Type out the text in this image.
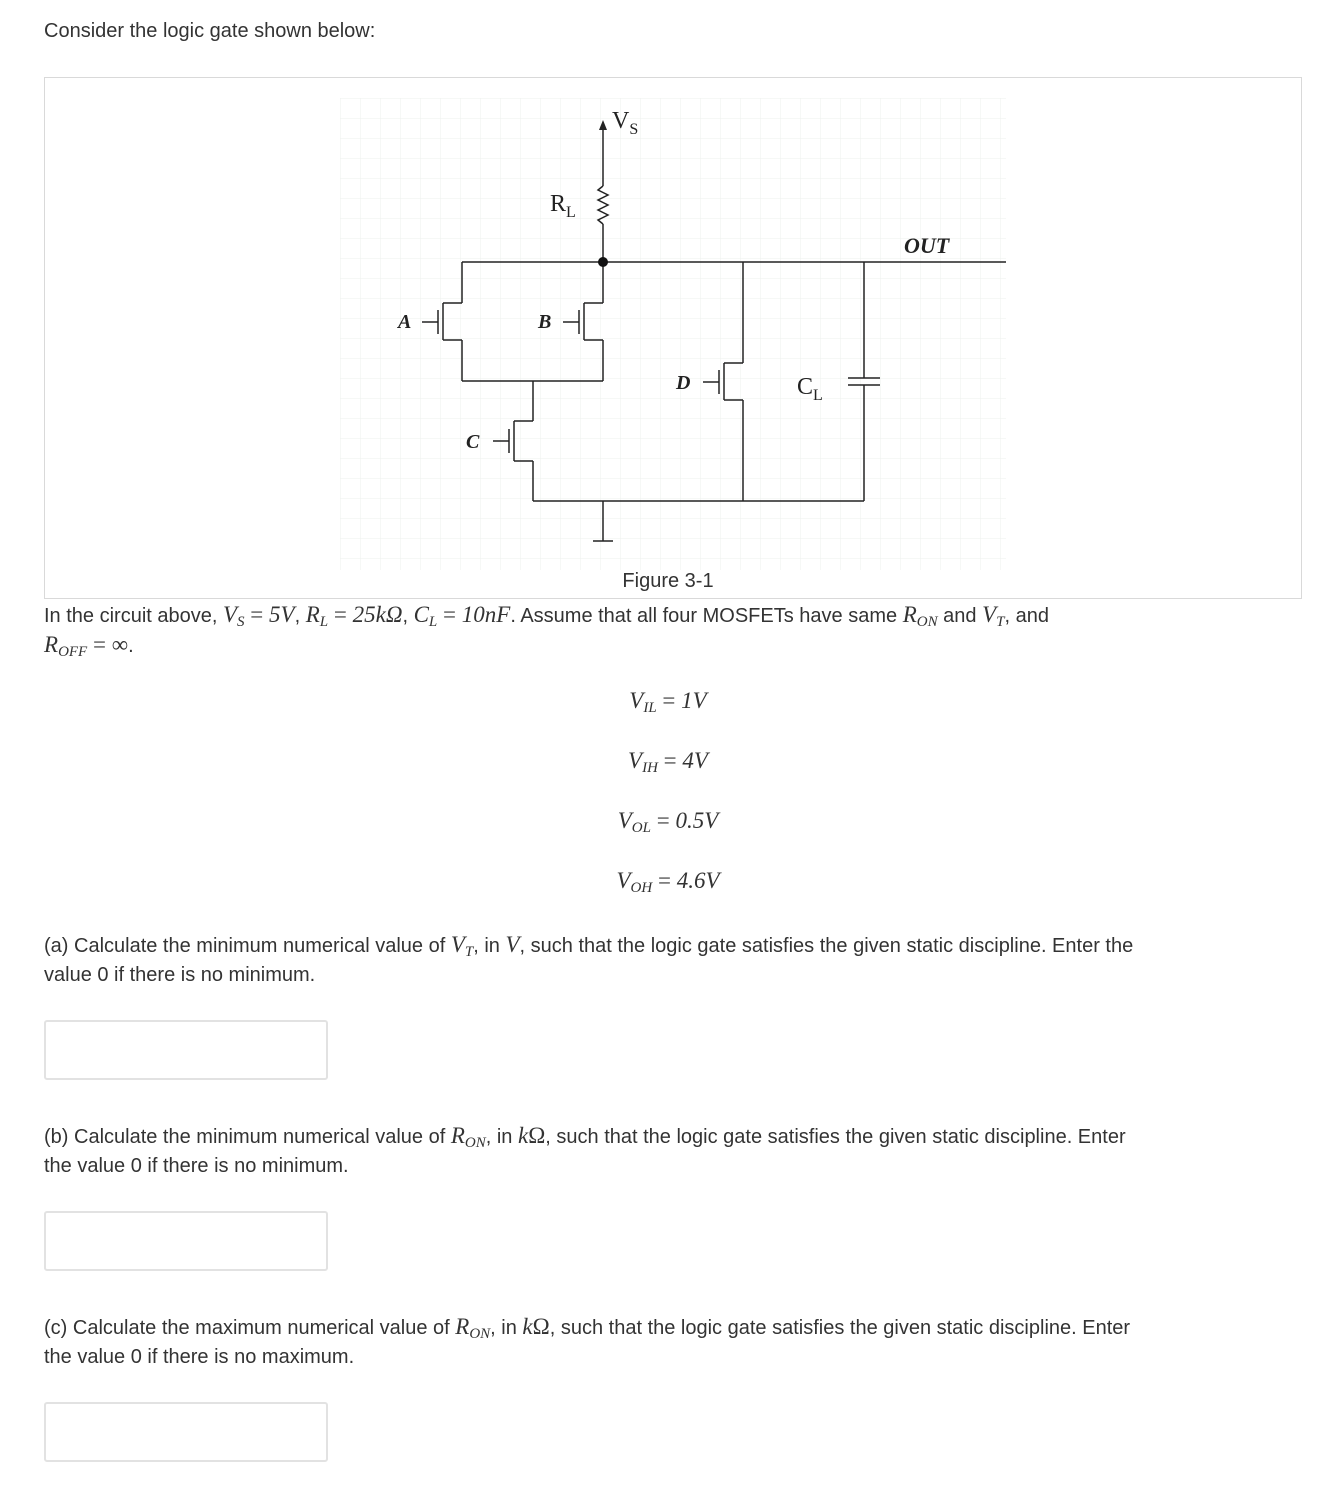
Consider the logic gate shown below:

$V_S$
$R_L$
OUT
A	B
C
D	$C_L$
Figure 3-1

In the circuit above, $V_S = 5V$, $R_L = 25k\Omega$, $C_L = 10nF$. Assume that all four MOSFETs have same $R_{ON}$ and $V_T$, and

$R_{OFF}$ = ∞.

$V_{IL} = 1V$
$V_{IH} = 4V$
$V_{OL} = 0.5V$
$V_{OH} = 4.6V$

(a) Calculate the minimum numerical value of $V_T$, in V, such that the logic gate satisfies the given static discipline. Enter the

value 0 if there is no minimum.

(b) Calculate the minimum numerical value of $R_{ON}$, in kΩ, such that the logic gate satisfies the given static discipline. Enter

the value 0 if there is no minimum.

(c) Calculate the maximum numerical value of $R_{ON}$, in kΩ, such that the logic gate satisfies the given static discipline. Enter

the value 0 if there is no maximum.
